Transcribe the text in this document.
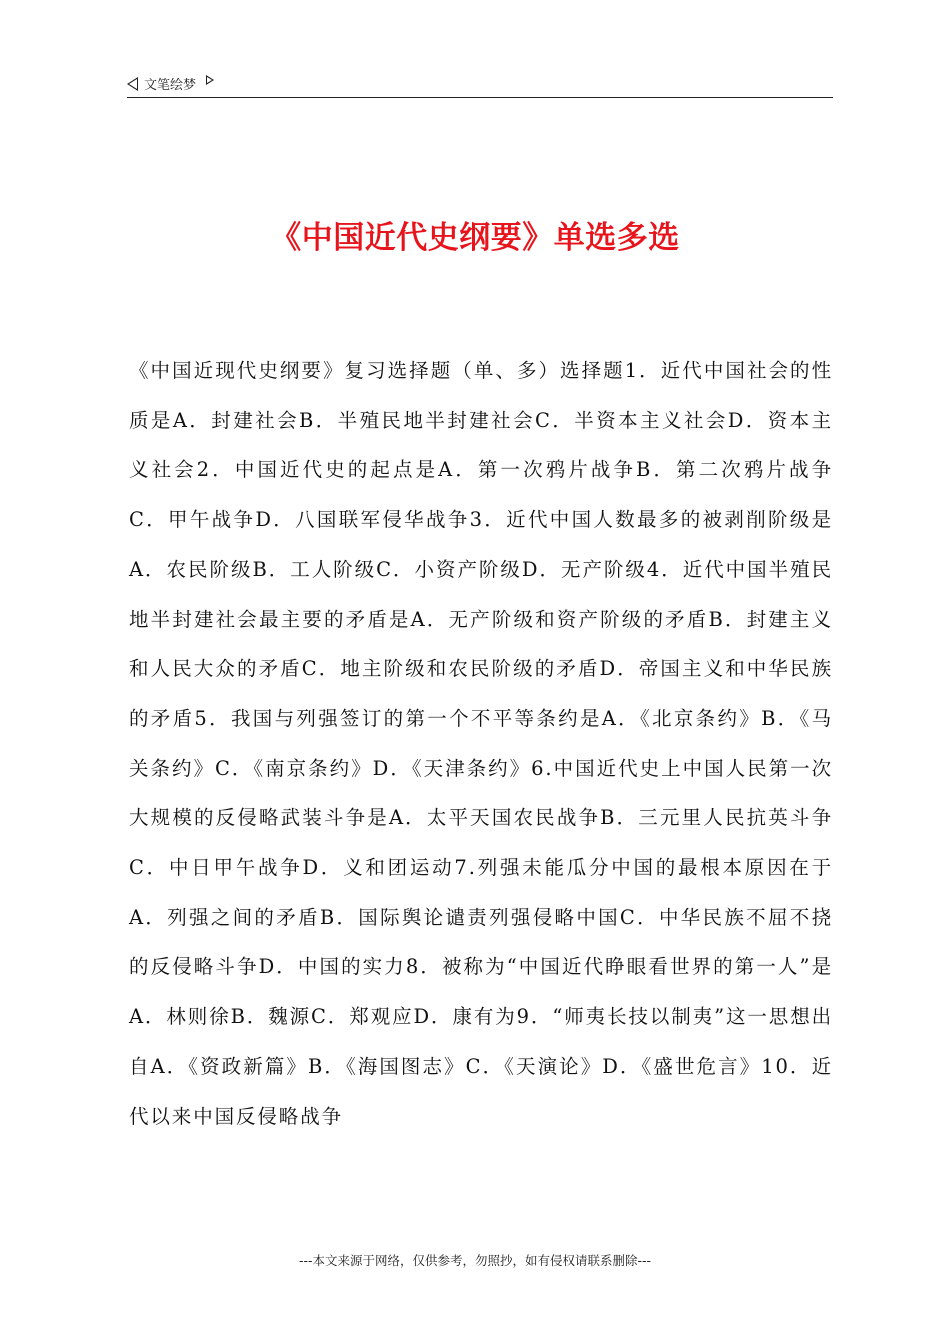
文笔绘梦
《中国近代史纲要》单选多选
《中国近现代史纲要》复习选择题（单、多）选择题1．近代中国社会的性质是A．封建社会B．半殖民地半封建社会C．半资本主义社会D．资本主义社会2．中国近代史的起点是A．第一次鸦片战争B．第二次鸦片战争C．甲午战争D．八国联军侵华战争3．近代中国人数最多的被剥削阶级是A．农民阶级B．工人阶级C．小资产阶级D．无产阶级4．近代中国半殖民地半封建社会最主要的矛盾是A．无产阶级和资产阶级的矛盾B．封建主义和人民大众的矛盾C．地主阶级和农民阶级的矛盾D．帝国主义和中华民族的矛盾5．我国与列强签订的第一个不平等条约是A．《北京条约》B．《马关条约》C．《南京条约》D．《天津条约》6.中国近代史上中国人民第一次大规模的反侵略武装斗争是A．太平天国农民战争B．三元里人民抗英斗争C．中日甲午战争D．义和团运动7.列强未能瓜分中国的最根本原因在于A．列强之间的矛盾B．国际舆论谴责列强侵略中国C．中华民族不屈不挠的反侵略斗争D．中国的实力8．被称为“中国近代睁眼看世界的第一人”是A．林则徐B．魏源C．郑观应D．康有为9．“师夷长技以制夷”这一思想出自A．《资政新篇》B．《海国图志》C．《天演论》D．《盛世危言》10．近代以来中国反侵略战争
---本文来源于网络，仅供参考，勿照抄，如有侵权请联系删除---
